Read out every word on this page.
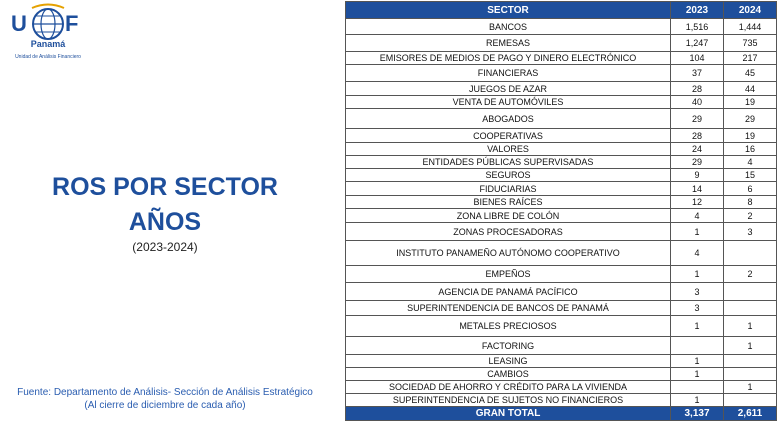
U F
Panamá
Unidad de Análisis Financiero
ROS POR SECTOR
AÑOS
(2023-2024)
Fuente: Departamento de Análisis- Sección de Análisis Estratégico
(Al cierre de diciembre de cada año)
SECTOR	2023	2024
BANCOS	1,516	1,444
REMESAS	1,247	735
EMISORES DE MEDIOS DE PAGO Y DINERO ELECTRÓNICO	104	217
FINANCIERAS	37	45
JUEGOS DE AZAR	28	44
VENTA DE AUTOMÓVILES	40	19
ABOGADOS	29	29
COOPERATIVAS	28	19
VALORES	24	16
ENTIDADES PÚBLICAS SUPERVISADAS	29	4
SEGUROS	9	15
FIDUCIARIAS	14	6
BIENES RAÍCES	12	8
ZONA LIBRE DE COLÓN	4	2
ZONAS PROCESADORAS	1	3
INSTITUTO PANAMEÑO AUTÓNOMO COOPERATIVO	4	
EMPEÑOS	1	2
AGENCIA DE PANAMÁ PACÍFICO	3	
SUPERINTENDENCIA DE BANCOS DE PANAMÁ	3	
METALES PRECIOSOS	1	1
FACTORING		1
LEASING	1	
CAMBIOS	1	
SOCIEDAD DE AHORRO Y CRÉDITO PARA LA VIVIENDA		1
SUPERINTENDENCIA DE SUJETOS NO FINANCIEROS	1	
GRAN TOTAL	3,137	2,611
